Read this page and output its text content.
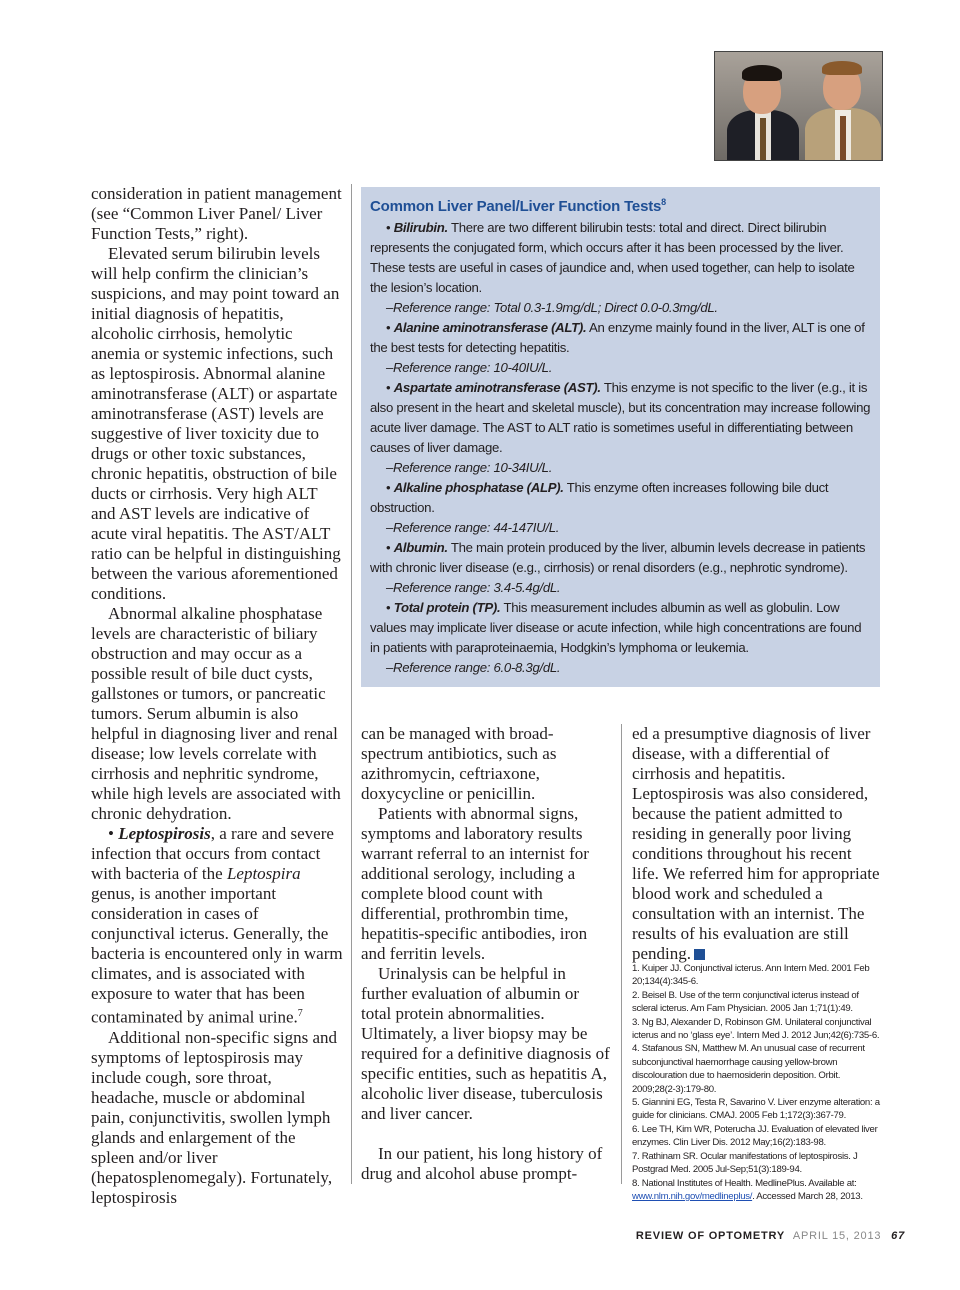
consideration in patient management (see “Common Liver Panel/ Liver Function Tests,” right).

Elevated serum bilirubin levels will help confirm the clinician’s suspicions, and may point toward an initial diagnosis of hepatitis, alcoholic cirrhosis, hemolytic anemia or systemic infections, such as leptospirosis. Abnormal alanine aminotransferase (ALT) or aspartate aminotransferase (AST) levels are suggestive of liver toxicity due to drugs or other toxic substances, chronic hepatitis, obstruction of bile ducts or cirrhosis. Very high ALT and AST levels are indicative of acute viral hepatitis. The AST/ALT ratio can be helpful in distinguishing between the various aforementioned conditions.

Abnormal alkaline phosphatase levels are characteristic of biliary obstruction and may occur as a possible result of bile duct cysts, gallstones or tumors, or pancreatic tumors. Serum albumin is also helpful in diagnosing liver and renal disease; low levels correlate with cirrhosis and nephritic syndrome, while high levels are associated with chronic dehydration.

• Leptospirosis, a rare and severe infection that occurs from contact with bacteria of the Leptospira genus, is another important consideration in cases of conjunctival icterus. Generally, the bacteria is encountered only in warm climates, and is associated with exposure to water that has been contaminated by animal urine.$^7$

Additional non-specific signs and symptoms of leptospirosis may include cough, sore throat, headache, muscle or abdominal pain, conjunctivitis, swollen lymph glands and enlargement of the spleen and/or liver (hepatosplenomegaly). Fortunately, leptospirosis

Common Liver Panel/Liver Function Tests$^8$
• Bilirubin. There are two different bilirubin tests: total and direct. Direct bilirubin represents the conjugated form, which occurs after it has been processed by the liver. These tests are useful in cases of jaundice and, when used together, can help to isolate the lesion’s location.
–Reference range: Total 0.3-1.9mg/dL; Direct 0.0-0.3mg/dL.
• Alanine aminotransferase (ALT). An enzyme mainly found in the liver, ALT is one of the best tests for detecting hepatitis.
–Reference range: 10-40IU/L.
• Aspartate aminotransferase (AST). This enzyme is not specific to the liver (e.g., it is also present in the heart and skeletal muscle), but its concentration may increase following acute liver damage. The AST to ALT ratio is sometimes useful in differentiating between causes of liver damage.
–Reference range: 10-34IU/L.
• Alkaline phosphatase (ALP). This enzyme often increases following bile duct obstruction.
–Reference range: 44-147IU/L.
• Albumin. The main protein produced by the liver, albumin levels decrease in patients with chronic liver disease (e.g., cirrhosis) or renal disorders (e.g., nephrotic syndrome).
–Reference range: 3.4-5.4g/dL.
• Total protein (TP). This measurement includes albumin as well as globulin. Low values may implicate liver disease or acute infection, while high concentrations are found in patients with paraproteinaemia, Hodgkin’s lymphoma or leukemia.
–Reference range: 6.0-8.3g/dL.

can be managed with broad-spectrum antibiotics, such as azithromycin, ceftriaxone, doxycycline or penicillin.

Patients with abnormal signs, symptoms and laboratory results warrant referral to an internist for additional serology, including a complete blood count with differential, prothrombin time, hepatitis-specific antibodies, iron and ferritin levels.

Urinalysis can be helpful in further evaluation of albumin or total protein abnormalities. Ultimately, a liver biopsy may be required for a definitive diagnosis of specific entities, such as hepatitis A, alcoholic liver disease, tuberculosis and liver cancer.

In our patient, his long history of drug and alcohol abuse prompt-

ed a presumptive diagnosis of liver disease, with a differential of cirrhosis and hepatitis. Leptospirosis was also considered, because the patient admitted to residing in generally poor living conditions throughout his recent life. We referred him for appropriate blood work and scheduled a consultation with an internist. The results of his evaluation are still pending.

1. Kuiper JJ. Conjunctival icterus. Ann Intern Med. 2001 Feb 20;134(4):345-6.
2. Beisel B. Use of the term conjunctival icterus instead of scleral icterus. Am Fam Physician. 2005 Jan 1;71(1):49.
3. Ng BJ, Alexander D, Robinson GM. Unilateral conjunctival icterus and no ‘glass eye’. Intern Med J. 2012 Jun;42(6):735-6.
4. Stafanous SN, Matthew M. An unusual case of recurrent subconjunctival haemorrhage causing yellow-brown discolouration due to haemosiderin deposition. Orbit. 2009;28(2-3):179-80.
5. Giannini EG, Testa R, Savarino V. Liver enzyme alteration: a guide for clinicians. CMAJ. 2005 Feb 1;172(3):367-79.
6. Lee TH, Kim WR, Poterucha JJ. Evaluation of elevated liver enzymes. Clin Liver Dis. 2012 May;16(2):183-98.
7. Rathinam SR. Ocular manifestations of leptospirosis. J Postgrad Med. 2005 Jul-Sep;51(3):189-94.
8. National Institutes of Health. MedlinePlus. Available at: www.nlm.nih.gov/medlineplus/. Accessed March 28, 2013.
REVIEW OF OPTOMETRY APRIL 15, 2013 67
